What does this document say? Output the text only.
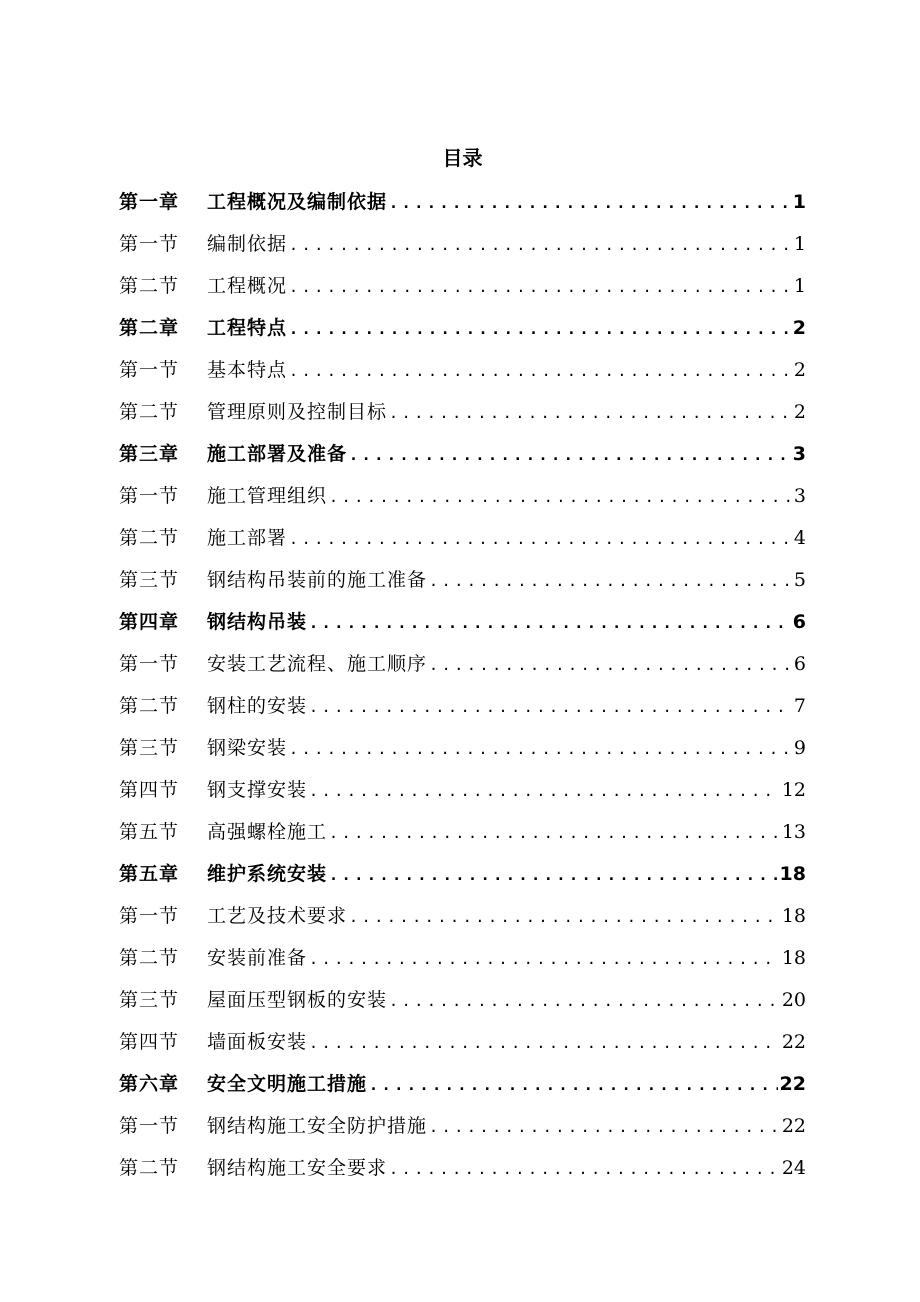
目录
第一章	工程概况及编制依据 .....	1
第一节	编制依据 .....	1
第二节	工程概况 .....	1
第二章	工程特点 .....	2
第一节	基本特点 .....	2
第二节	管理原则及控制目标 .....	2
第三章	施工部署及准备 .....	3
第一节	施工管理组织 .....	3
第二节	施工部署 .....	4
第三节	钢结构吊装前的施工准备 .....	5
第四章	钢结构吊装 .....	6
第一节	安装工艺流程、施工顺序 .....	6
第二节	钢柱的安装 .....	7
第三节	钢梁安装 .....	9
第四节	钢支撑安装 .....	12
第五节	高强螺栓施工 .....	13
第五章	维护系统安装 .....	18
第一节	工艺及技术要求 .....	18
第二节	安装前准备 .....	18
第三节	屋面压型钢板的安装 .....	20
第四节	墙面板安装 .....	22
第六章	安全文明施工措施 .....	22
第一节	钢结构施工安全防护措施 .....	22
第二节	钢结构施工安全要求 .....	24
